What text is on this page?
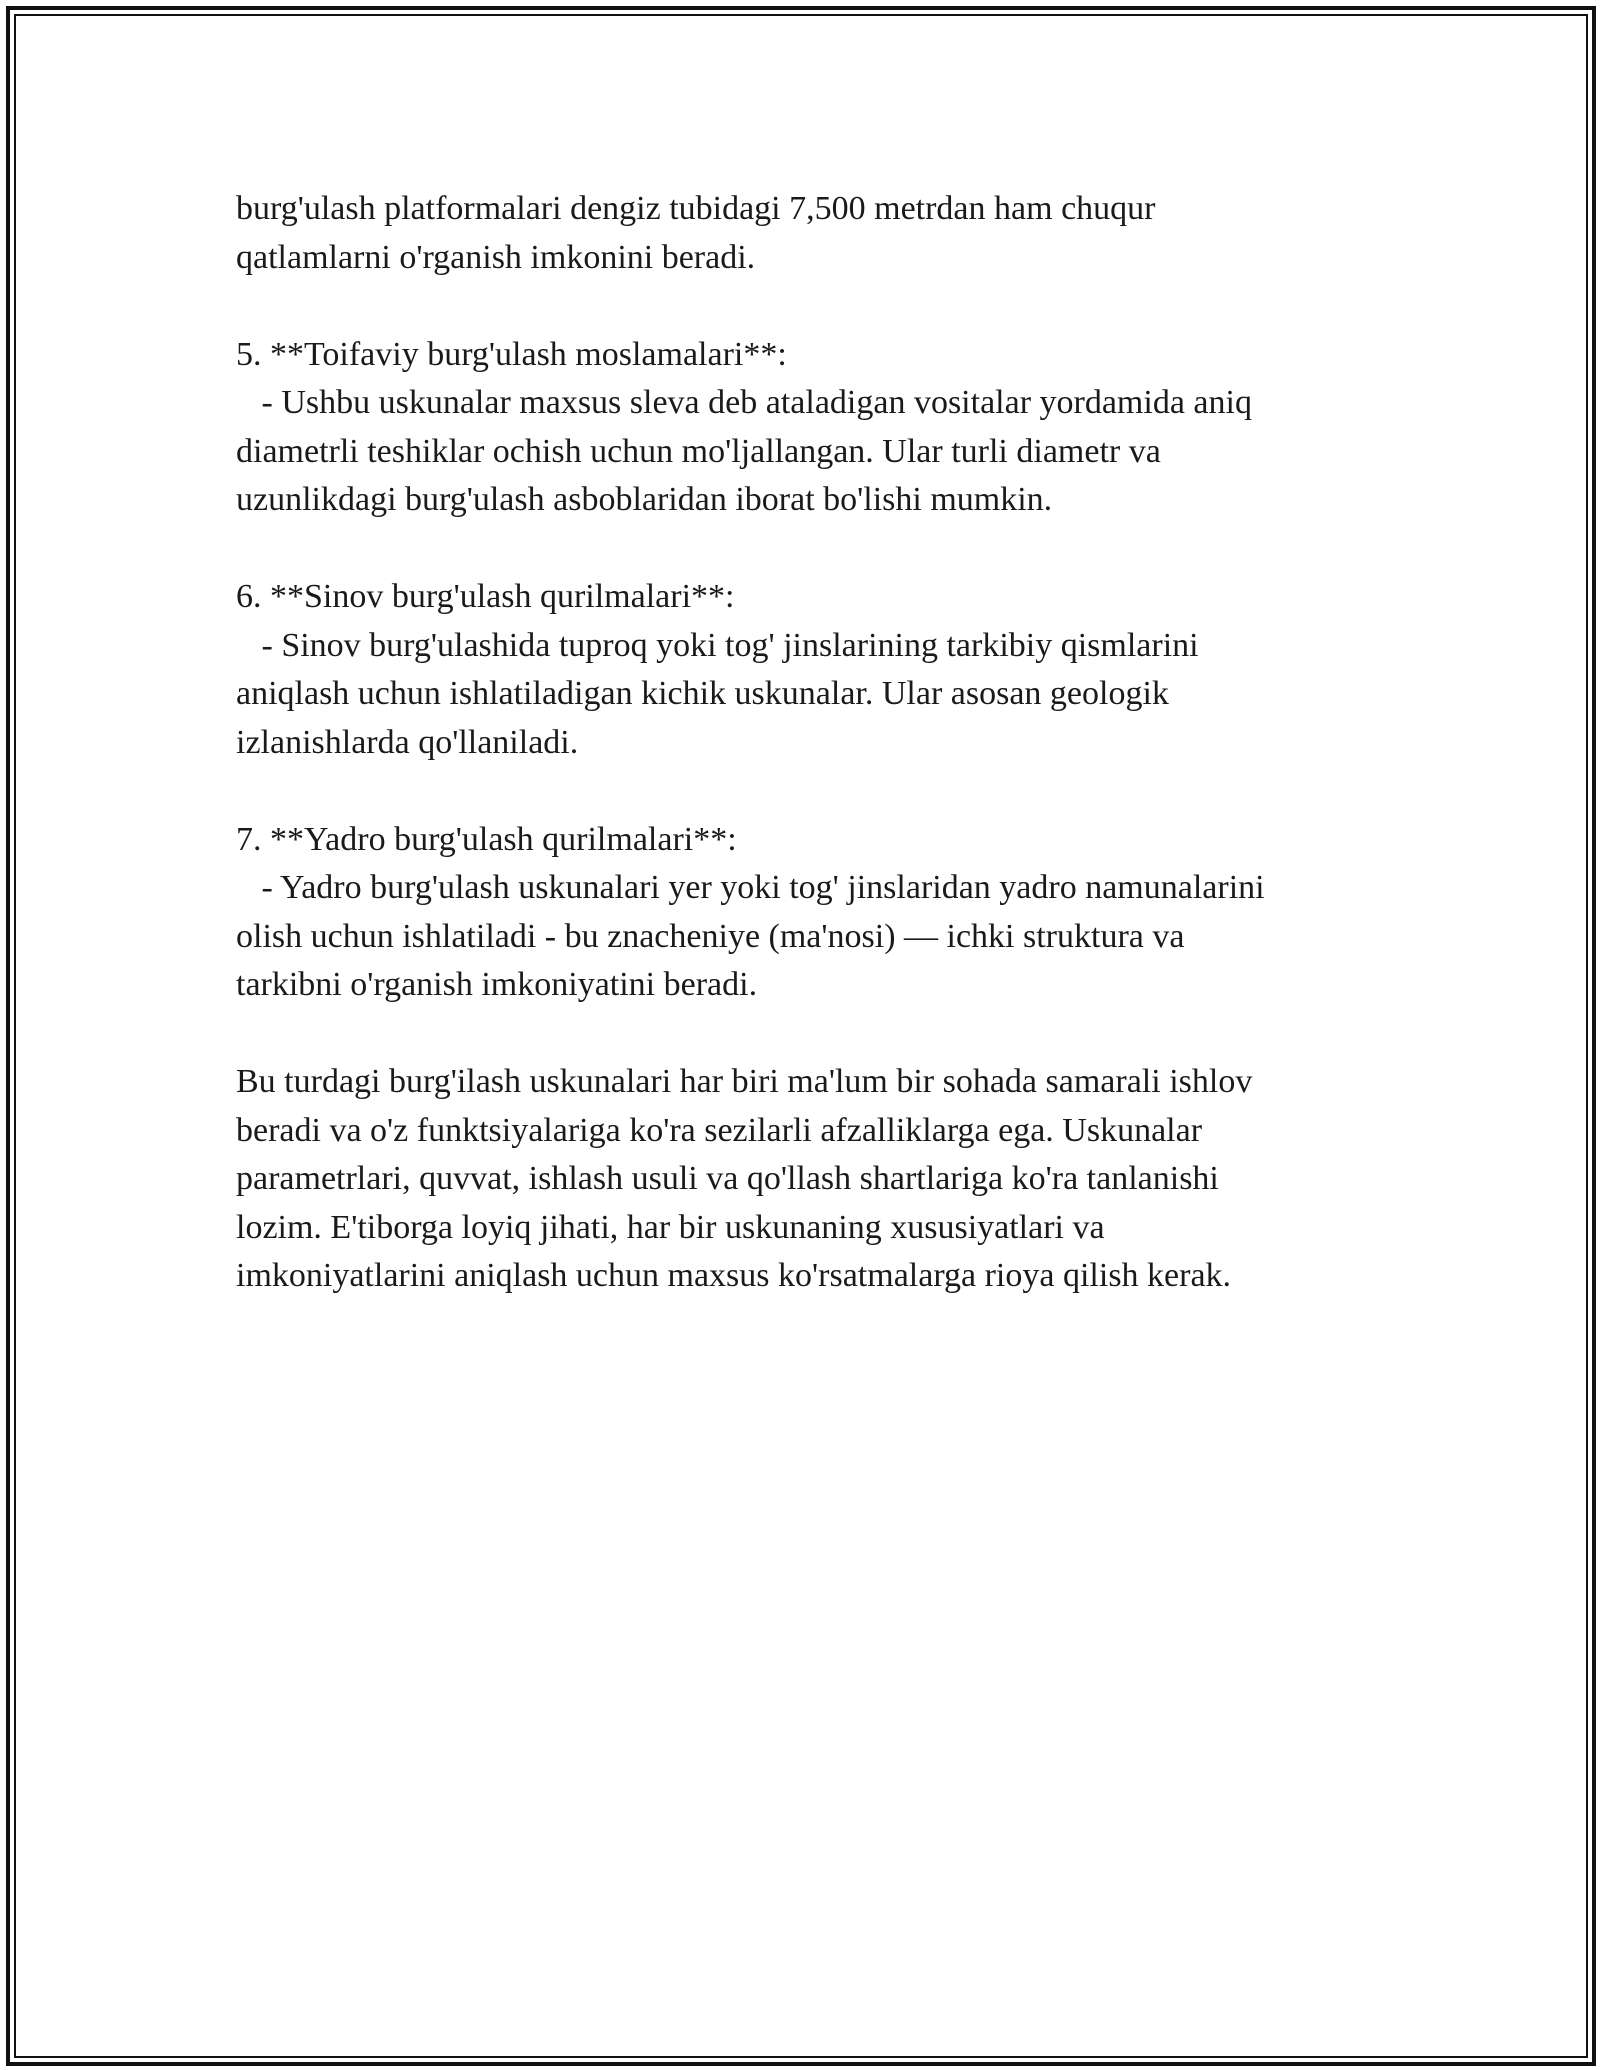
burg'ulash platformalari dengiz tubidagi 7,500 metrdan ham chuqur
qatlamlarni o'rganish imkonini beradi.
5. **Toifaviy burg'ulash moslamalari**:
- Ushbu uskunalar maxsus sleva deb ataladigan vositalar yordamida aniq
diametrli teshiklar ochish uchun mo'ljallangan. Ular turli diametr va
uzunlikdagi burg'ulash asboblaridan iborat bo'lishi mumkin.
6. **Sinov burg'ulash qurilmalari**:
- Sinov burg'ulashida tuproq yoki tog' jinslarining tarkibiy qismlarini
aniqlash uchun ishlatiladigan kichik uskunalar. Ular asosan geologik
izlanishlarda qo'llaniladi.
7. **Yadro burg'ulash qurilmalari**:
- Yadro burg'ulash uskunalari yer yoki tog' jinslaridan yadro namunalarini
olish uchun ishlatiladi - bu znacheniye (ma'nosi) — ichki struktura va
tarkibni o'rganish imkoniyatini beradi.
Bu turdagi burg'ilash uskunalari har biri ma'lum bir sohada samarali ishlov
beradi va o'z funktsiyalariga ko'ra sezilarli afzalliklarga ega. Uskunalar
parametrlari, quvvat, ishlash usuli va qo'llash shartlariga ko'ra tanlanishi
lozim. E'tiborga loyiq jihati, har bir uskunaning xususiyatlari va
imkoniyatlarini aniqlash uchun maxsus ko'rsatmalarga rioya qilish kerak.
